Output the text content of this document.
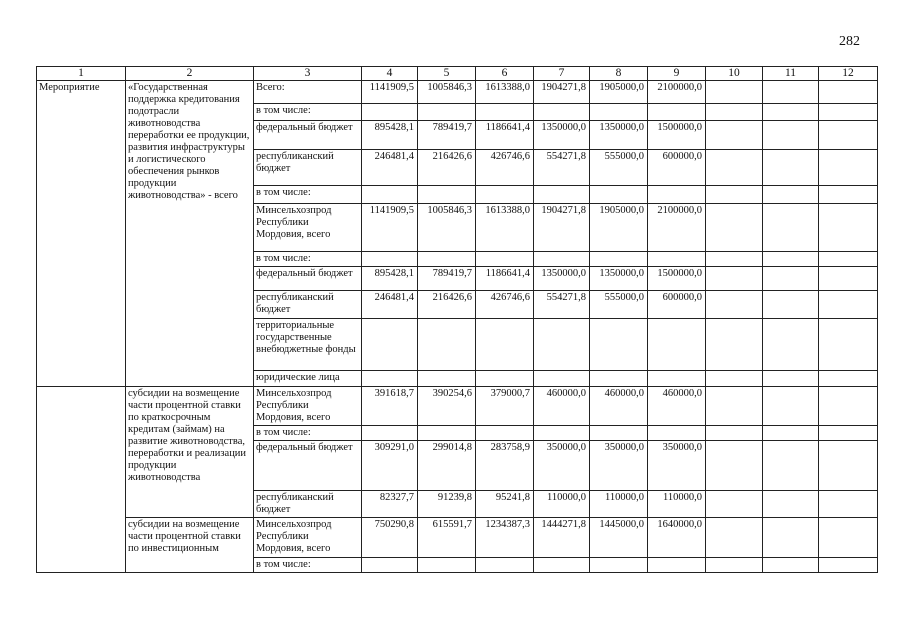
282
1	2	3	4	5	6	7	8	9	10	11	12
Мероприятие	«Государственная поддержка кредитования подотрасли животноводства переработки ее продукции, развития инфраструктуры и логистического обеспечения рынков продукции животноводства» - всего	Всего:	1141909,5	1005846,3	1613388,0	1904271,8	1905000,0	2100000,0			
		в том числе:									
		федеральный бюджет	895428,1	789419,7	1186641,4	1350000,0	1350000,0	1500000,0			
		республиканский бюджет	246481,4	216426,6	426746,6	554271,8	555000,0	600000,0			
		в том числе:									
		Минсельхозпрод Республики Мордовия, всего	1141909,5	1005846,3	1613388,0	1904271,8	1905000,0	2100000,0			
		в том числе:									
		федеральный бюджет	895428,1	789419,7	1186641,4	1350000,0	1350000,0	1500000,0			
		республиканский бюджет	246481,4	216426,6	426746,6	554271,8	555000,0	600000,0			
		территориальные государственные внебюджетные фонды									
		юридические лица									
	субсидии на возмещение части процентной ставки по краткосрочным кредитам (займам) на развитие животноводства, переработки и реализации продукции животноводства	Минсельхозпрод Республики Мордовия, всего	391618,7	390254,6	379000,7	460000,0	460000,0	460000,0			
		в том числе:									
		федеральный бюджет	309291,0	299014,8	283758,9	350000,0	350000,0	350000,0			
		республиканский бюджет	82327,7	91239,8	95241,8	110000,0	110000,0	110000,0			
	субсидии на возмещение части процентной ставки по инвестиционным	Минсельхозпрод Республики Мордовия, всего	750290,8	615591,7	1234387,3	1444271,8	1445000,0	1640000,0			
		в том числе:									
